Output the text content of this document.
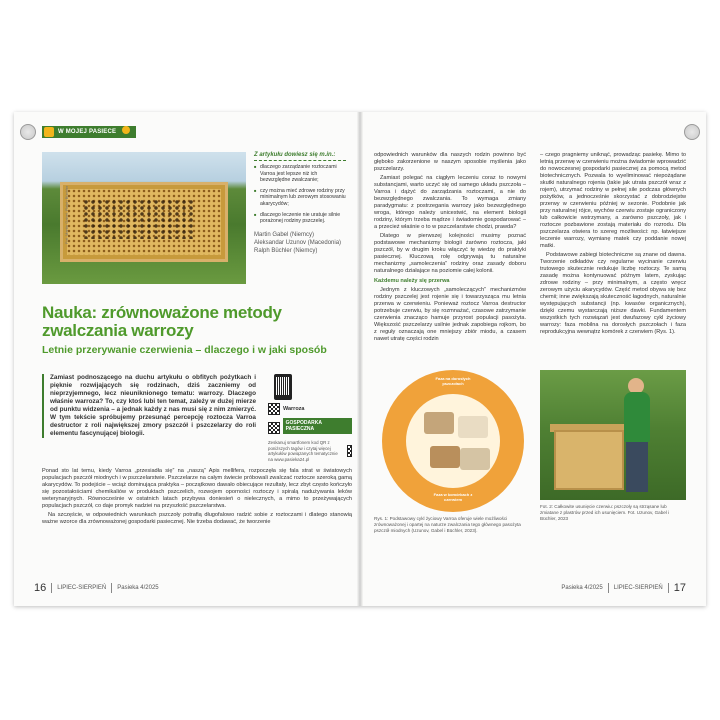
W MOJEJ PASIECE
Fot. Martin Gabel, Ralph Büchler
Z artykułu dowiesz się m.in.:
■ dlaczego zarządzanie roztoczami Varroa jest lepsze niż ich bezwzględne zwalczanie;
■ czy można mieć zdrowe rodziny przy minimalnym lub zerowym stosowaniu akarycydów;
■ dlaczego leczenie nie uratuje silnie porażonej rodziny pszczelej.
Martin Gabel (Niemcy)
Aleksandar Uzunov (Macedonia)
Ralph Büchler (Niemcy)
Nauka: zrównoważone metody zwalczania warrozy
Letnie przerywanie czerwienia – dlaczego i w jaki sposób
Zamiast podnoszącego na duchu artykułu o obfitych pożytkach i pięknie rozwijających się rodzinach, dziś zaczniemy od nieprzyjemnego, lecz nieuniknionego tematu: warrozy. Dlaczego właśnie warroza? To, czy ktoś lubi ten temat, zależy w dużej mierze od punktu widzenia – a jednak każdy z nas musi się z nim zmierzyć. W tym tekście spróbujemy przesunąć percepcję roztocza Varroa destructor z roli największej zmory pszczół i pszczelarzy do roli elementu fascynującej biologii.
Warroza
GOSPODARKA PASIECZNA
Zeskanuj smartfonem kod QR z poniższych tagów i czytaj więcej artykułów powiązanych tematycznie na www.pasieka24.pl

Ponad sto lat temu, kiedy Varroa „przesiadła się” na „naszą” Apis mellifera, rozpoczęła się fala strat w światowych populacjach pszczół miodnych i w pszczelarstwie. Pszczelarze na całym świecie próbowali zwalczać roztocze szeroką gamą akarycydów. To podejście – wciąż dominująca praktyka – początkowo dawało obiecujące rezultaty, lecz zbyt często kończyło się pozostałościami chemikaliów w produktach pszczelich, rozwojem oporności roztoczy i spiralą nadużywania leków weterynaryjnych. Równocześnie w ostatnich latach przybywa doniesień o nielecznych, a mimo to przeżywających populacjach pszczół, co daje promyk nadziei na przyszłość pszczelarstwa.

Na szczęście, w odpowiednich warunkach pszczoły potrafią długofalowo radzić sobie z roztoczami i dlatego stanowią ważne wzorce dla zrównoważonej gospodarki pasiecznej. Nie trzeba dodawać, że tworzenie

16 LIPIEC-SIERPIEŃ Pasieka 4/2025

odpowiednich warunków dla naszych rodzin powinno być głęboko zakorzenione w naszym sposobie myślenia jako pszczelarzy.

Zamiast polegać na ciągłym leczeniu coraz to nowymi substancjami, warto uczyć się od samego układu pszczoła – Varroa i dążyć do zarządzania roztoczami, a nie do bezwzględnego zwalczania. To wymaga zmiany paradygmatu: z postrzegania warrozy jako bezwzględnego wroga, którego należy unicestwić, na element biologii rodziny, którym trzeba mądrze i świadomie gospodarować – a przecież właśnie o to w pszczelarstwie chodzi, prawda?

Dlatego w pierwszej kolejności musimy poznać podstawowe mechanizmy biologii żarówno roztocza, jaki pszczół, by w drugim kroku włączyć tę wiedzę do praktyki pasiecznej. Kluczową rolę odgrywają tu naturalne mechanizmy „samoleczenia” rodziny oraz zasady doboru naturalnego działające na poziomie całej kolonii.

Każdemu należy się przerwa

Jednym z kluczowych „samoleczących” mechanizmów rodziny pszczelej jest rojenie się i towarzysząca mu letnia przerwa w czerwieniu. Ponieważ roztocz Varroa destructor potrzebuje czerwiu, by się rozmnażać, czasowe zatrzymanie czerwienia znacząco hamuje przyrost populacji pasożyta. Większość pszczelarzy usilnie jednak zapobiega rojkom, bo z reguły oznaczają one mniejszy zbiór miodu, a czasem nawet utratę części rodzin

– czego pragniemy uniknąć, prowadząc pasiekę. Mimo to letnią przerwę w czerwieniu można świadomie wprowadzić do nowoczesnej gospodarki pasiecznej za pomocą metod biotechnicznych. Pozwala to wyeliminować niepożądane skutki naturalnego rojenia (takie jak utrata pszczół wraz z rojem), utrzymać rodziny w pełnej sile podczas głównych pożytków, a jednocześnie skorzystać z dobrodziejstw przerwy w czerwieniu później w sezonie. Podobnie jak przy naturalnej rójce, wychów czerwiu zostaje ograniczony lub całkowicie wstrzymany, a zarówno pszczoły, jak i roztocze pozbawione zostają materiału do rozrodu. Dla pszczelarza otwiera to szereg możliwości: np. łatwiejsze leczenie warrozy, wymianę matek czy poddanie nowej matki.

Podstawowe zabiegi biotechniczne są znane od dawna. Tworzenie odkładów czy regularne wycinanie czerwiu trutowego skutecznie redukuje liczbę roztoczy. Te samą zasadę można kontynuować późnym latem, zyskując zdrowe rodziny – przy minimalnym, a często wręcz zerowym użyciu akarycydów. Część metod obywa się bez chemii; inne zwiększają skuteczność łagodnych, naturalnie występujących substancji (np. kwasów organicznych), dzięki czemu wystarczają niższe dawki. Fundamentem wszystkich tych rozwiązań jest dwufazowy cykl życiowy warrozy: faza mobilna na dorosłych pszczołach i faza reprodukcyjna wewnątrz komórek z czerwiem (Rys. 1).

Faza na dorosłych pszczołach
Faza w komórkach z czerwiem
Rys. 1: Podstawowy cykl życiowy Varroa oferuje wiele możliwości zrównoważonej i opartej na naturze zwalczania tego głównego pasożyta pszczół miodnych (Uzunov, Gabel i Büchler, 2023).
Fot. 2: Całkowite usunięcie czerwiu: pszczoły są strząsane lub zmiatane z plastrów przed ich usunięciem. Fot. Uzunov, Gabel i Büchler, 2023
Pasieka 4/2025 LIPIEC-SIERPIEŃ 17
